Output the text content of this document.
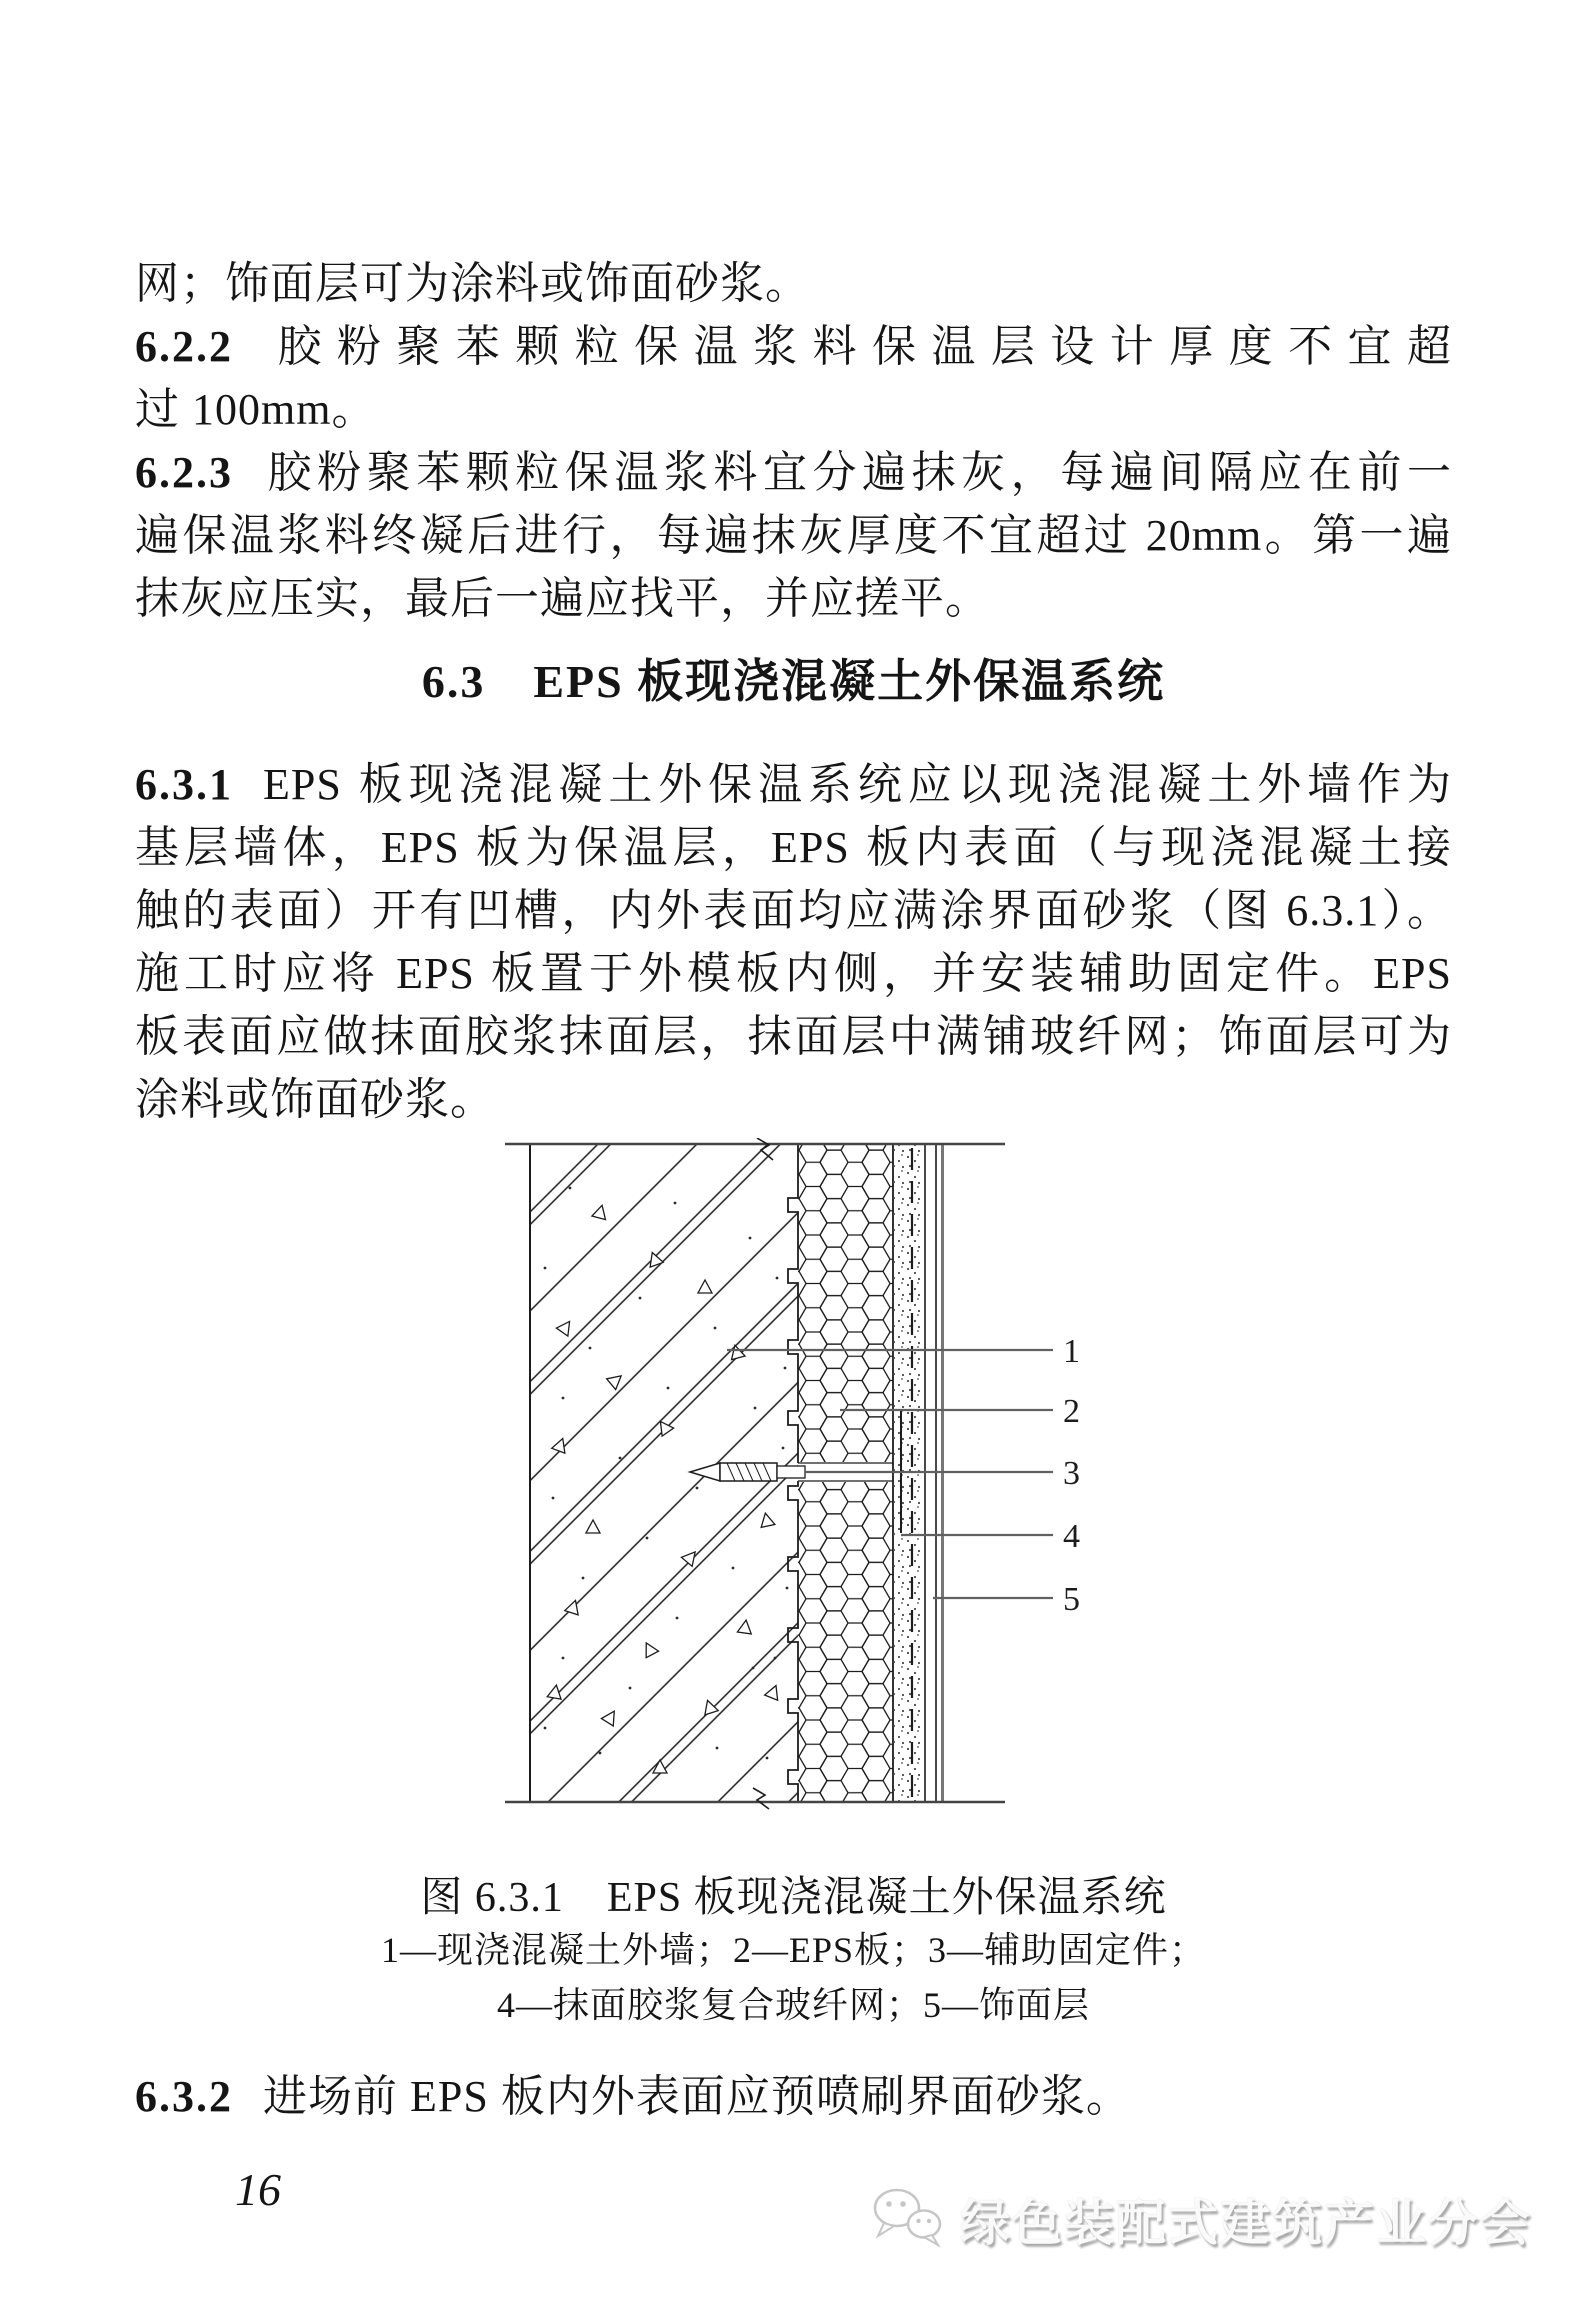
网；饰面层可为涂料或饰面砂浆。
6.2.2 胶粉聚苯颗粒保温浆料保温层设计厚度不宜超
过 100mm。
6.2.3 胶粉聚苯颗粒保温浆料宜分遍抹灰，每遍间隔应在前一
遍保温浆料终凝后进行，每遍抹灰厚度不宜超过 20mm。第一遍
抹灰应压实，最后一遍应找平，并应搓平。
6.3　EPS 板现浇混凝土外保温系统
6.3.1 EPS 板现浇混凝土外保温系统应以现浇混凝土外墙作为
基层墙体，EPS 板为保温层，EPS 板内表面（与现浇混凝土接
触的表面）开有凹槽，内外表面均应满涂界面砂浆（图 6.3.1）。
施工时应将 EPS 板置于外模板内侧，并安装辅助固定件。EPS
板表面应做抹面胶浆抹面层，抹面层中满铺玻纤网；饰面层可为
涂料或饰面砂浆。
1
2
3
4
5
图 6.3.1　EPS 板现浇混凝土外保温系统
1—现浇混凝土外墙；2—EPS板；3—辅助固定件；
4—抹面胶浆复合玻纤网；5—饰面层
6.3.2 进场前 EPS 板内外表面应预喷刷界面砂浆。
16
绿色装配式建筑产业分会
